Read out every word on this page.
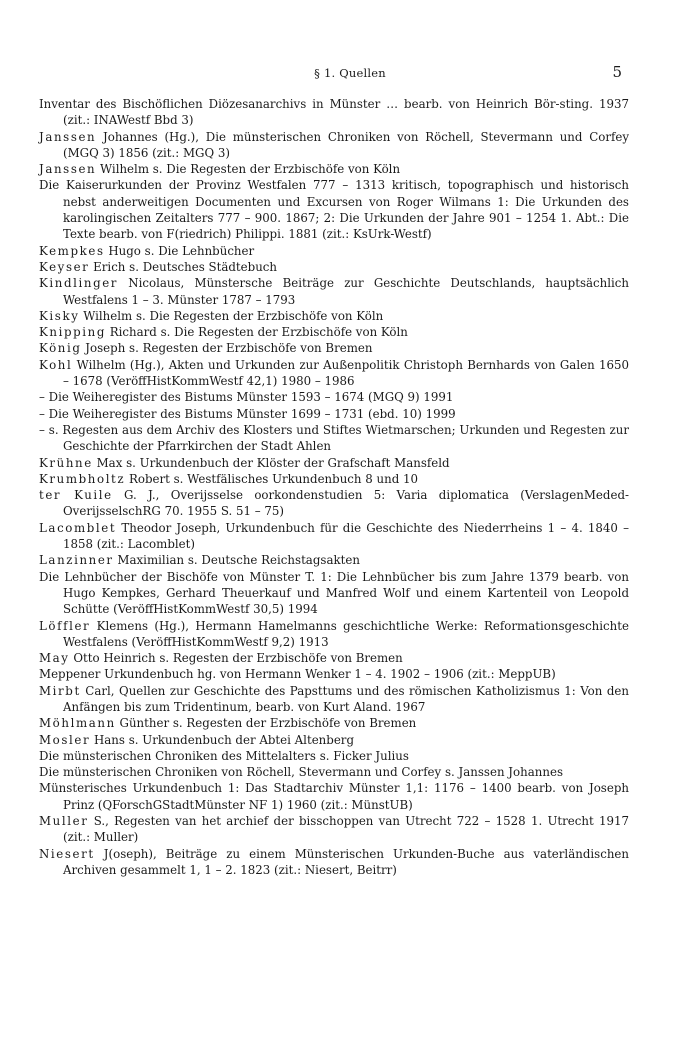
§ 1. Quellen	5

Inventar des Bischöflichen Diözesanarchivs in Münster … bearb. von Heinrich Bör-sting. 1937 (zit.: INAWestf Bbd 3)

Janssen Johannes (Hg.), Die münsterischen Chroniken von Röchell, Stevermann und Corfey (MGQ 3) 1856 (zit.: MGQ 3)

Janssen Wilhelm s. Die Regesten der Erzbischöfe von Köln

Die Kaiserurkunden der Provinz Westfalen 777 – 1313 kritisch, topographisch und historisch nebst anderweitigen Documenten und Excursen von Roger Wilmans 1: Die Urkunden des karolingischen Zeitalters 777 – 900. 1867; 2: Die Urkunden der Jahre 901 – 1254 1. Abt.: Die Texte bearb. von F(riedrich) Philippi. 1881 (zit.: KsUrk-Westf)

Kempkes Hugo s. Die Lehnbücher

Keyser Erich s. Deutsches Städtebuch

Kindlinger Nicolaus, Münstersche Beiträge zur Geschichte Deutschlands, hauptsächlich Westfalens 1 – 3. Münster 1787 – 1793

Kisky Wilhelm s. Die Regesten der Erzbischöfe von Köln

Knipping Richard s. Die Regesten der Erzbischöfe von Köln

König Joseph s. Regesten der Erzbischöfe von Bremen

Kohl Wilhelm (Hg.), Akten und Urkunden zur Außenpolitik Christoph Bernhards von Galen 1650 – 1678 (VeröffHistKommWestf 42,1) 1980 – 1986

– Die Weiheregister des Bistums Münster 1593 – 1674 (MGQ 9) 1991

– Die Weiheregister des Bistums Münster 1699 – 1731 (ebd. 10) 1999

– s. Regesten aus dem Archiv des Klosters und Stiftes Wietmarschen; Urkunden und Regesten zur Geschichte der Pfarrkirchen der Stadt Ahlen

Krühne Max s. Urkundenbuch der Klöster der Grafschaft Mansfeld

Krumbholtz Robert s. Westfälisches Urkundenbuch 8 und 10

ter Kuile G. J., Overijsselse oorkondenstudien 5: Varia diplomatica (VerslagenMeded-OverijsselschRG 70. 1955 S. 51 – 75)

Lacomblet Theodor Joseph, Urkundenbuch für die Geschichte des Niederrheins 1 – 4. 1840 – 1858 (zit.: Lacomblet)

Lanzinner Maximilian s. Deutsche Reichstagsakten

Die Lehnbücher der Bischöfe von Münster T. 1: Die Lehnbücher bis zum Jahre 1379 bearb. von Hugo Kempkes, Gerhard Theuerkauf und Manfred Wolf und einem Kartenteil von Leopold Schütte (VeröffHistKommWestf 30,5) 1994

Löffler Klemens (Hg.), Hermann Hamelmanns geschichtliche Werke: Reformationsgeschichte Westfalens (VeröffHistKommWestf 9,2) 1913

May Otto Heinrich s. Regesten der Erzbischöfe von Bremen

Meppener Urkundenbuch hg. von Hermann Wenker 1 – 4. 1902 – 1906 (zit.: MeppUB)

Mirbt Carl, Quellen zur Geschichte des Papsttums und des römischen Katholizismus 1: Von den Anfängen bis zum Tridentinum, bearb. von Kurt Aland. 1967

Möhlmann Günther s. Regesten der Erzbischöfe von Bremen

Mosler Hans s. Urkundenbuch der Abtei Altenberg

Die münsterischen Chroniken des Mittelalters s. Ficker Julius

Die münsterischen Chroniken von Röchell, Stevermann und Corfey s. Janssen Johannes

Münsterisches Urkundenbuch 1: Das Stadtarchiv Münster 1,1: 1176 – 1400 bearb. von Joseph Prinz (QForschGStadtMünster NF 1) 1960 (zit.: MünstUB)

Muller S., Regesten van het archief der bisschoppen van Utrecht 722 – 1528 1. Utrecht 1917 (zit.: Muller)

Niesert J(oseph), Beiträge zu einem Münsterischen Urkunden-Buche aus vaterländischen Archiven gesammelt 1, 1 – 2. 1823 (zit.: Niesert, Beitrr)
